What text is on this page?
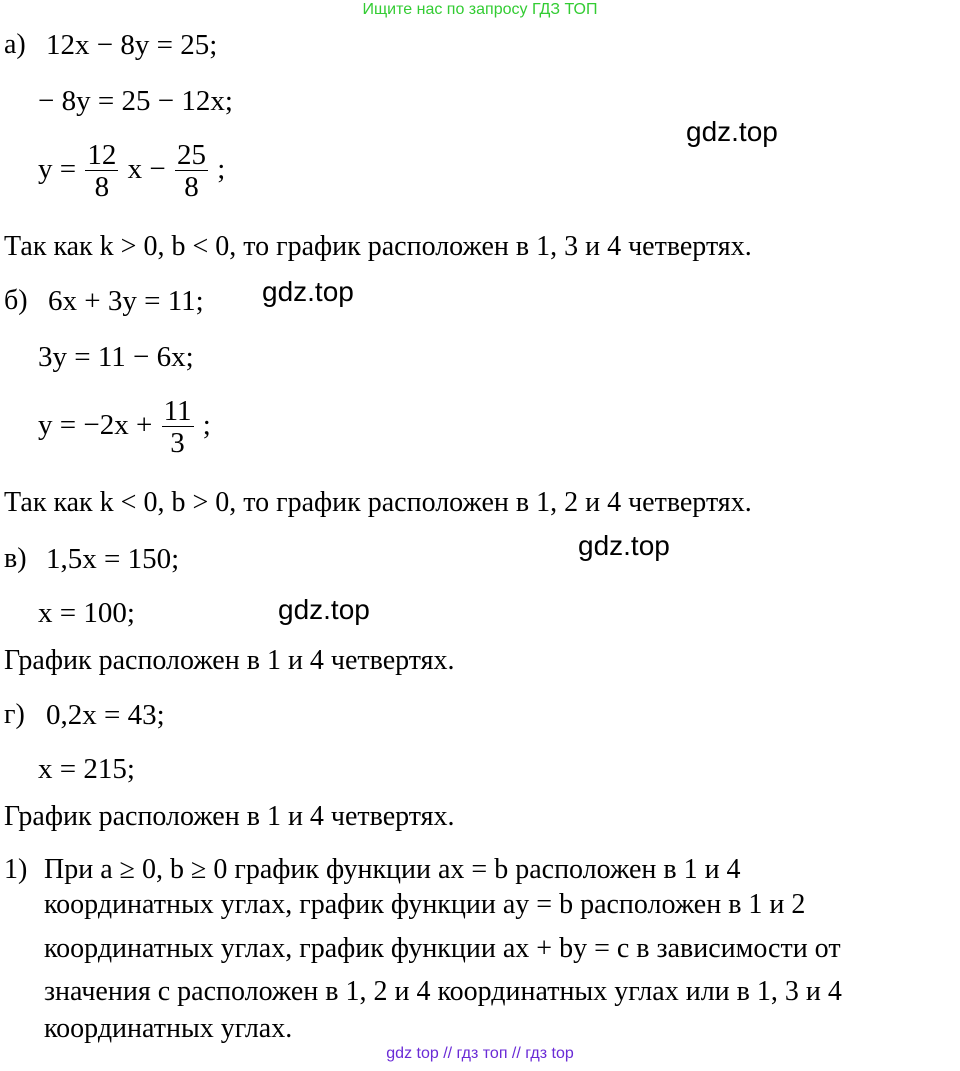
Ищите нас по запросу ГДЗ ТОП
а) 12x − 8y = 25;
− 8y = 25 − 12x;
$y = \frac{12}{8}$ $x - \frac{25}{8}$ ;
gdz.top
Так как k > 0, b < 0, то график расположен в 1, 3 и 4 четвертях.
б) 6x + 3y = 11; gdz.top
3y = 11 − 6x;
$y = -2x + \frac{11}{3}$ ;
Так как k < 0, b > 0, то график расположен в 1, 2 и 4 четвертях.
в) 1,5x = 150;	gdz.top
x = 100;	gdz.top
График расположен в 1 и 4 четвертях.
г) 0,2x = 43;
x = 215;
График расположен в 1 и 4 четвертях.
1) При a ≥ 0, b ≥ 0 график функции ax = b расположен в 1 и 4
координатных углах, график функции ay = b расположен в 1 и 2
координатных углах, график функции ax + by = c в зависимости от
значения c расположен в 1, 2 и 4 координатных углах или в 1, 3 и 4
координатных углах.
gdz top // гдз топ // гдз top
